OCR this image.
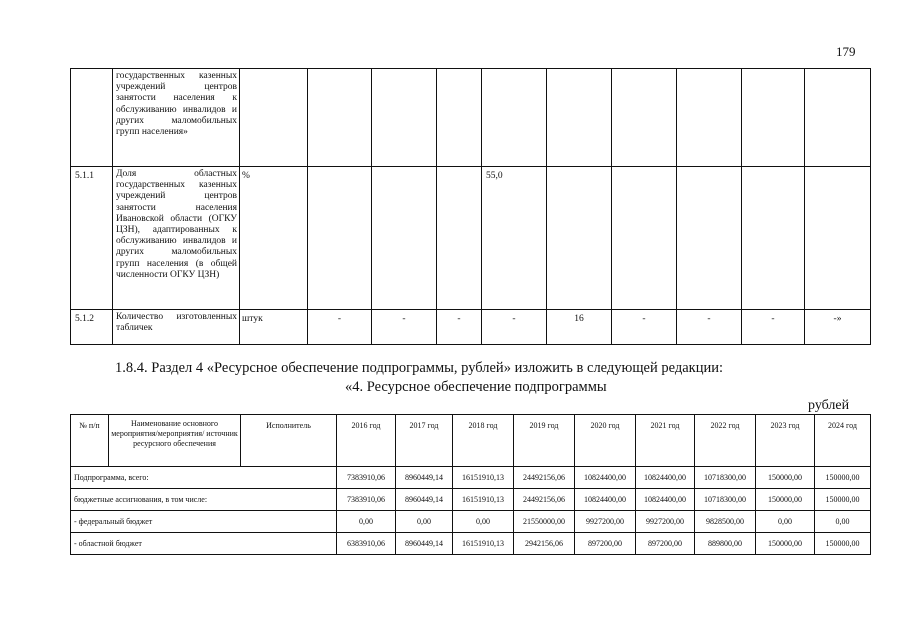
179
	государственных казенных учреждений центров занятости населения к обслуживанию инвалидов и других маломобильных групп населения»										
5.1.1	Доля областных государственных казенных учреждений центров занятости населения Ивановской области (ОГКУ ЦЗН), адаптированных к обслуживанию инвалидов и других маломобильных групп населения (в общей численности ОГКУ ЦЗН)	%				55,0					
5.1.2	Количество изготовленных табличек	штук	-	-	-	-	16	-	-	-	-»
1.8.4. Раздел 4 «Ресурсное обеспечение подпрограммы, рублей» изложить в следующей редакции:
«4. Ресурсное обеспечение подпрограммы
рублей
№ п/п	Наименование основного мероприятия/мероприятия/ источник ресурсного обеспечения	Исполнитель	2016 год	2017 год	2018 год	2019 год	2020 год	2021 год	2022 год	2023 год	2024 год
Подпрограмма, всего:			7383910,06	8960449,14	16151910,13	24492156,06	10824400,00	10824400,00	10718300,00	150000,00	150000,00
бюджетные ассигнования, в том числе:			7383910,06	8960449,14	16151910,13	24492156,06	10824400,00	10824400,00	10718300,00	150000,00	150000,00
- федеральный бюджет			0,00	0,00	0,00	21550000,00	9927200,00	9927200,00	9828500,00	0,00	0,00
- областной бюджет			6383910,06	8960449,14	16151910,13	2942156,06	897200,00	897200,00	889800,00	150000,00	150000,00
